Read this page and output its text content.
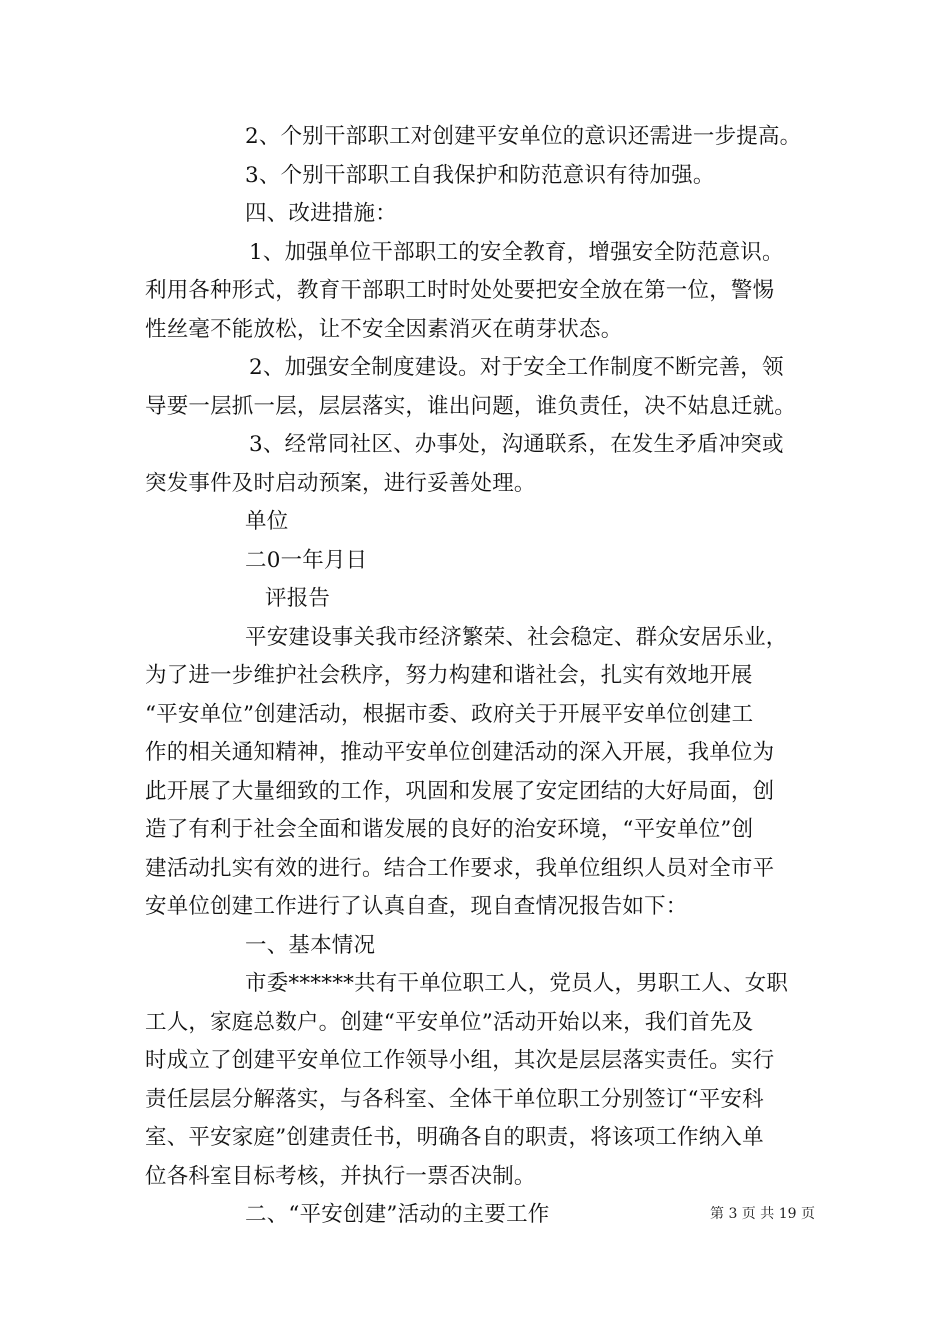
2、个别干部职工对创建平安单位的意识还需进一步提高。
3、个别干部职工自我保护和防范意识有待加强。
四、改进措施：
1、加强单位干部职工的安全教育，增强安全防范意识。
利用各种形式，教育干部职工时时处处要把安全放在第一位，警惕
性丝毫不能放松，让不安全因素消灭在萌芽状态。
2、加强安全制度建设。对于安全工作制度不断完善，领
导要一层抓一层，层层落实，谁出问题，谁负责任，决不姑息迁就。
3、经常同社区、办事处，沟通联系，在发生矛盾冲突或
突发事件及时启动预案，进行妥善处理。
单位
二0一年月日
评报告
平安建设事关我市经济繁荣、社会稳定、群众安居乐业，
为了进一步维护社会秩序，努力构建和谐社会，扎实有效地开展
“平安单位”创建活动，根据市委、政府关于开展平安单位创建工
作的相关通知精神，推动平安单位创建活动的深入开展，我单位为
此开展了大量细致的工作，巩固和发展了安定团结的大好局面，创
造了有利于社会全面和谐发展的良好的治安环境，“平安单位”创
建活动扎实有效的进行。结合工作要求，我单位组织人员对全市平
安单位创建工作进行了认真自查，现自查情况报告如下：
一、基本情况
市委******共有干单位职工人，党员人，男职工人、女职
工人，家庭总数户。创建“平安单位”活动开始以来，我们首先及
时成立了创建平安单位工作领导小组，其次是层层落实责任。实行
责任层层分解落实，与各科室、全体干单位职工分别签订“平安科
室、平安家庭”创建责任书，明确各自的职责，将该项工作纳入单
位各科室目标考核，并执行一票否决制。
二、“平安创建”活动的主要工作	第 3 页 共 19 页
